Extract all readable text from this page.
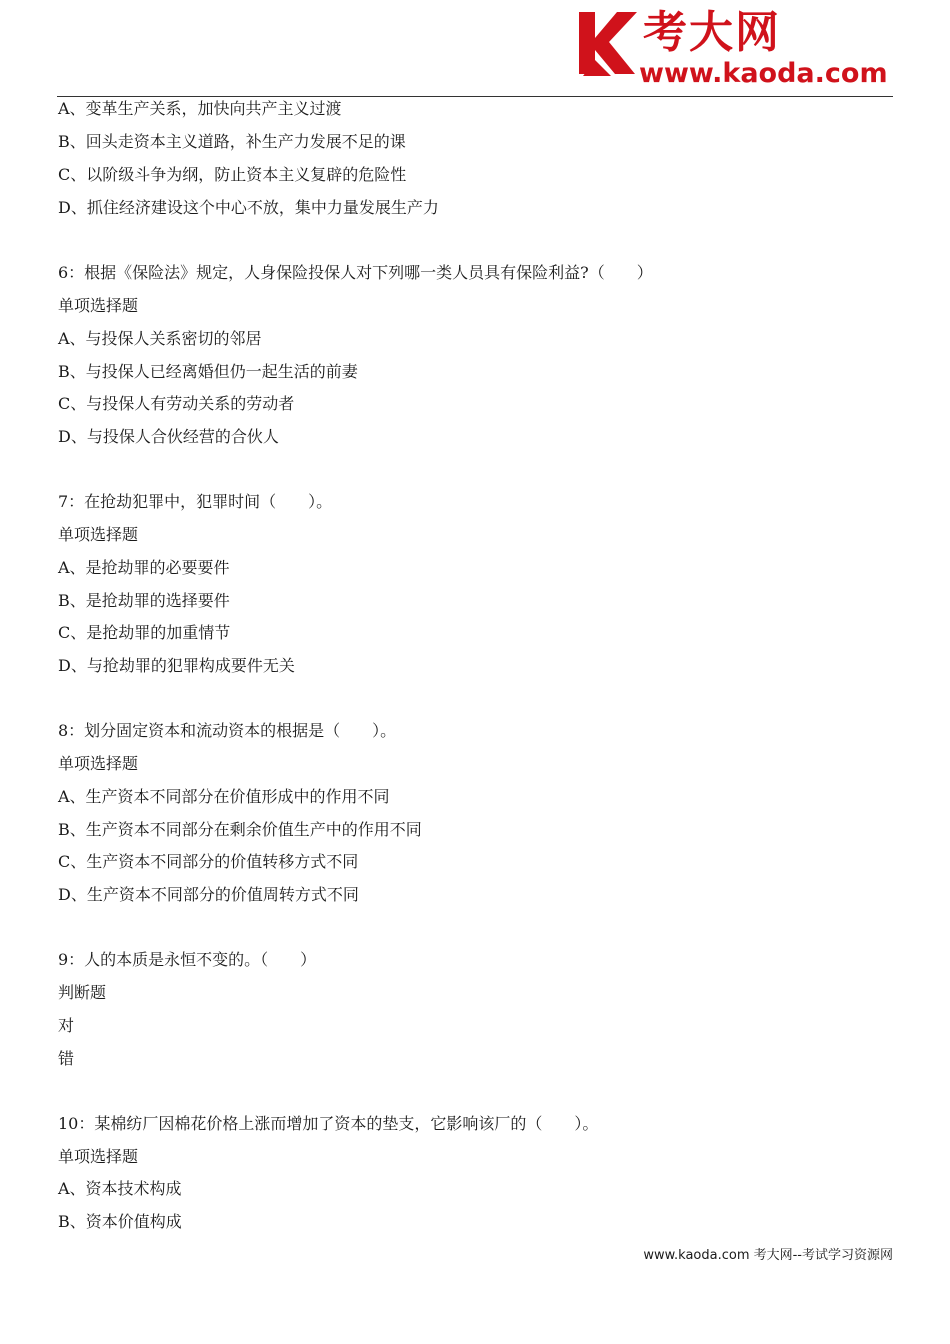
考大网
www.kaoda.com
A、变革生产关系，加快向共产主义过渡
B、回头走资本主义道路，补生产力发展不足的课
C、以阶级斗争为纲，防止资本主义复辟的危险性
D、抓住经济建设这个中心不放，集中力量发展生产力
6：根据《保险法》规定，人身保险投保人对下列哪一类人员具有保险利益?（　　）
单项选择题
A、与投保人关系密切的邻居
B、与投保人已经离婚但仍一起生活的前妻
C、与投保人有劳动关系的劳动者
D、与投保人合伙经营的合伙人
7：在抢劫犯罪中，犯罪时间（　　）。
单项选择题
A、是抢劫罪的必要要件
B、是抢劫罪的选择要件
C、是抢劫罪的加重情节
D、与抢劫罪的犯罪构成要件无关
8：划分固定资本和流动资本的根据是（　　）。
单项选择题
A、生产资本不同部分在价值形成中的作用不同
B、生产资本不同部分在剩余价值生产中的作用不同
C、生产资本不同部分的价值转移方式不同
D、生产资本不同部分的价值周转方式不同
9：人的本质是永恒不变的。（　　）
判断题
对
错
10：某棉纺厂因棉花价格上涨而增加了资本的垫支，它影响该厂的（　　）。
单项选择题
A、资本技术构成
B、资本价值构成
www.kaoda.com 考大网--考试学习资源网
